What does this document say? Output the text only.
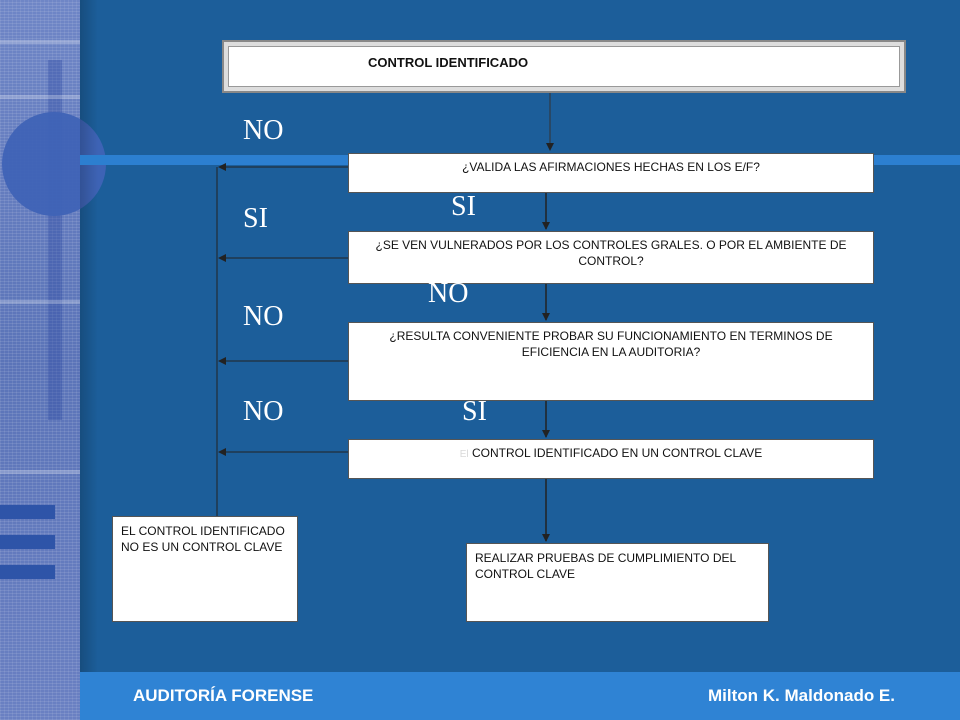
CONTROL IDENTIFICADO
¿VALIDA LAS AFIRMACIONES HECHAS EN LOS E/F?
¿SE VEN VULNERADOS POR LOS CONTROLES GRALES. O POR EL AMBIENTE DE CONTROL?
¿RESULTA CONVENIENTE PROBAR SU FUNCIONAMIENTO EN TERMINOS DE EFICIENCIA EN LA AUDITORIA?
El CONTROL IDENTIFICADO EN UN CONTROL CLAVE
EL CONTROL IDENTIFICADO NO ES UN CONTROL CLAVE
REALIZAR PRUEBAS DE CUMPLIMIENTO DEL CONTROL CLAVE
NO
SI
SI
NO
NO
NO	SI
AUDITORÍA FORENSE	Milton K. Maldonado E.
